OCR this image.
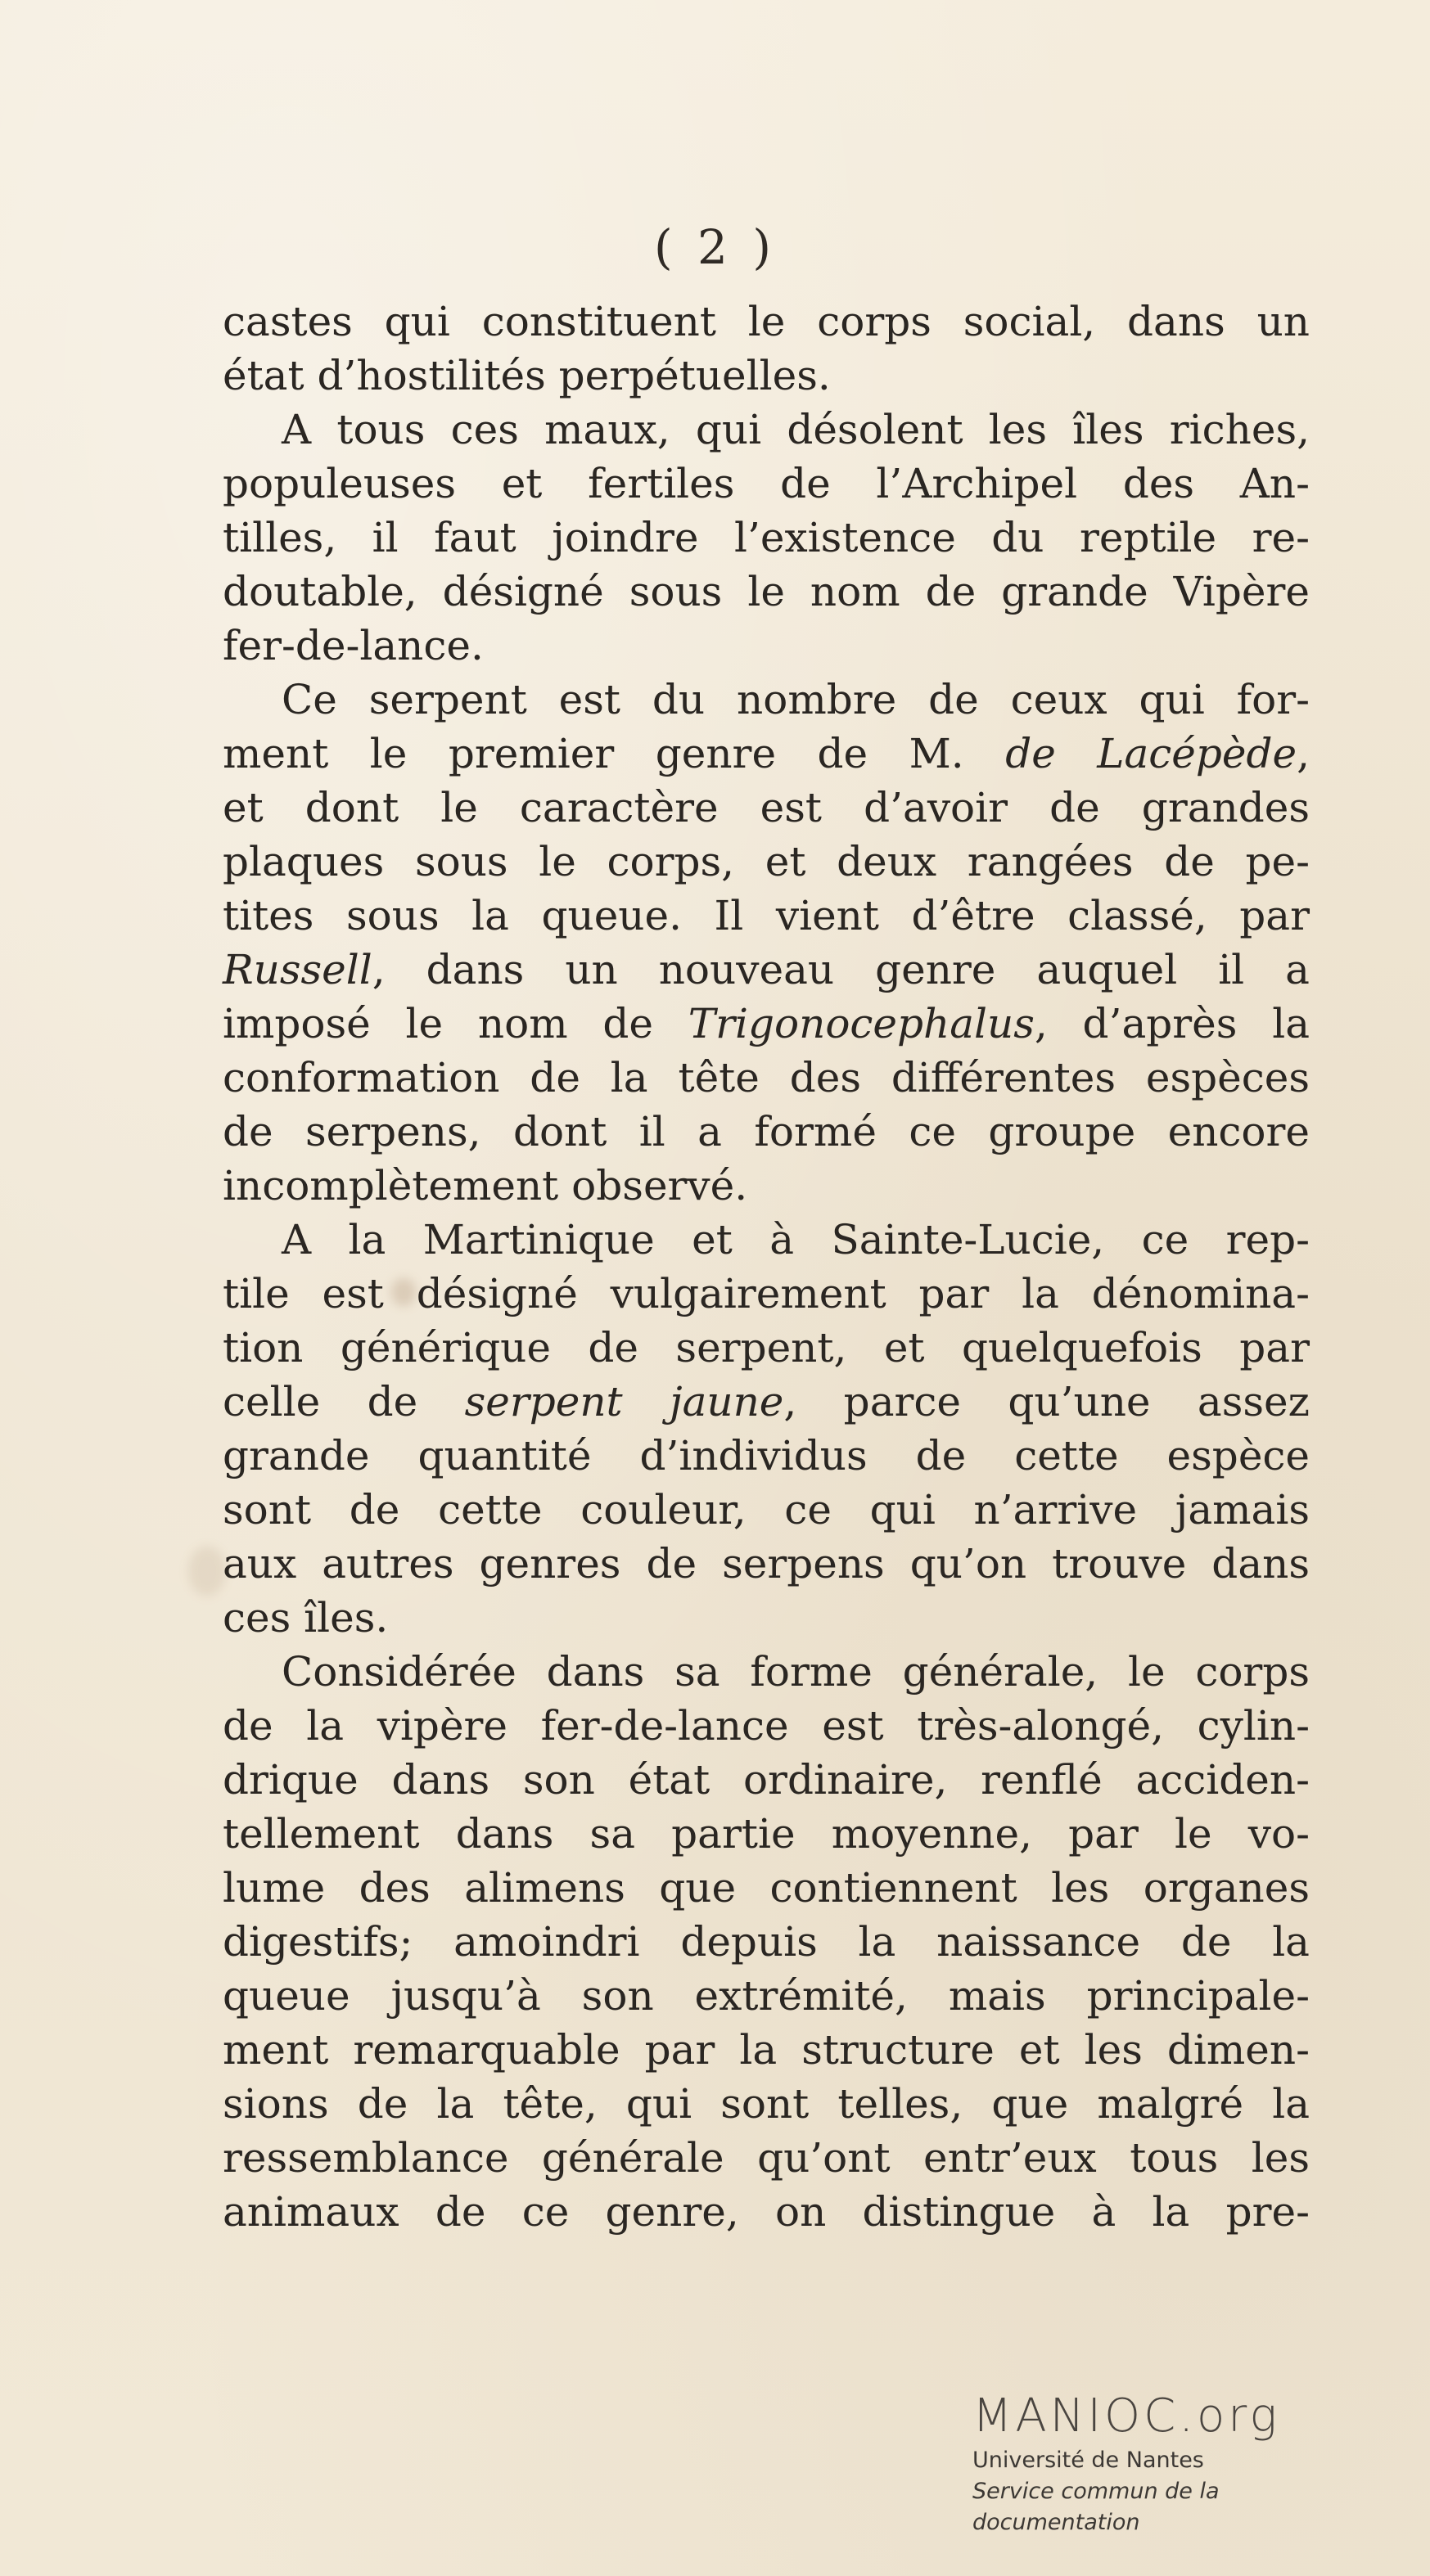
( 2 )
castes qui constituent le corps social, dans un
état d’hostilités perpétuelles.
A tous ces maux, qui désolent les îles riches,
populeuses et fertiles de l’Archipel des An-
tilles, il faut joindre l’existence du reptile re-
doutable, désigné sous le nom de grande Vipère
fer-de-lance.
Ce serpent est du nombre de ceux qui for-
ment le premier genre de M. de Lacépède,
et dont le caractère est d’avoir de grandes
plaques sous le corps, et deux rangées de pe-
tites sous la queue. Il vient d’être classé, par
Russell, dans un nouveau genre auquel il a
imposé le nom de Trigonocephalus, d’après la
conformation de la tête des différentes espèces
de serpens, dont il a formé ce groupe encore
incomplètement observé.
A la Martinique et à Sainte-Lucie, ce rep-
tile est désigné vulgairement par la dénomina-
tion générique de serpent, et quelquefois par
celle de serpent jaune, parce qu’une assez
grande quantité d’individus de cette espèce
sont de cette couleur, ce qui n’arrive jamais
aux autres genres de serpens qu’on trouve dans
ces îles.
Considérée dans sa forme générale, le corps
de la vipère fer-de-lance est très-alongé, cylin-
drique dans son état ordinaire, renflé acciden-
tellement dans sa partie moyenne, par le vo-
lume des alimens que contiennent les organes
digestifs; amoindri depuis la naissance de la
queue jusqu’à son extrémité, mais principale-
ment remarquable par la structure et les dimen-
sions de la tête, qui sont telles, que malgré la
ressemblance générale qu’ont entr’eux tous les
animaux de ce genre, on distingue à la pre-
MANIOC.org
Université de Nantes
Service commun de la documentation
